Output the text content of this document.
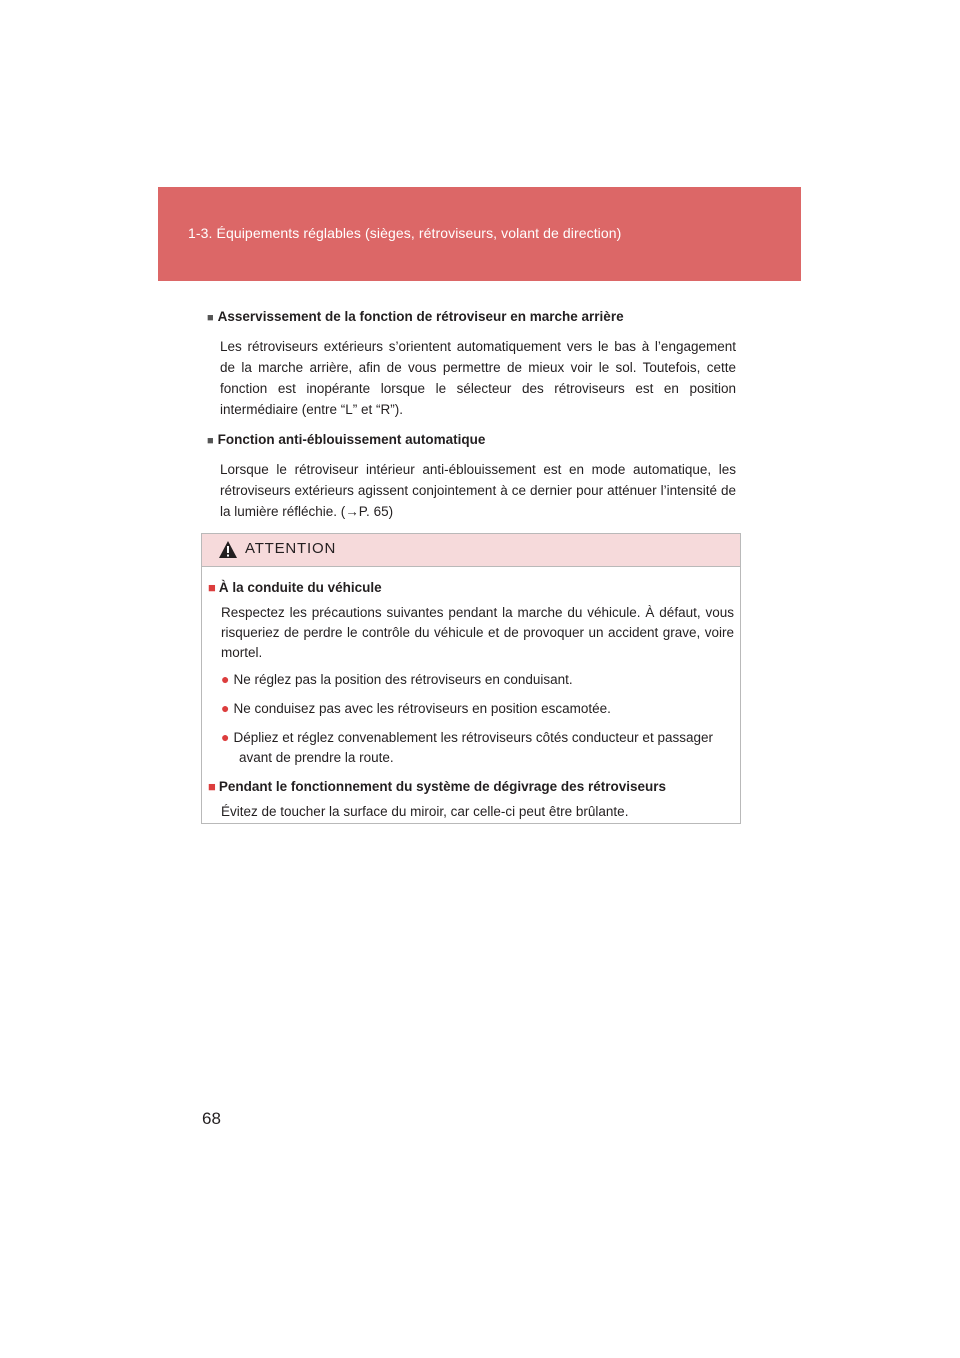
1-3. Équipements réglables (sièges, rétroviseurs, volant de direction)
■ Asservissement de la fonction de rétroviseur en marche arrière

Les rétroviseurs extérieurs s’orientent automatiquement vers le bas à l’engagement de la marche arrière, afin de vous permettre de mieux voir le sol. Toutefois, cette fonction est inopérante lorsque le sélecteur des rétroviseurs est en position intermédiaire (entre “L” et “R”).

■ Fonction anti-éblouissement automatique

Lorsque le rétroviseur intérieur anti-éblouissement est en mode automatique, les rétroviseurs extérieurs agissent conjointement à ce dernier pour atténuer l’intensité de la lumière réfléchie. (→P. 65)

ATTENTION
■ À la conduite du véhicule

Respectez les précautions suivantes pendant la marche du véhicule. À défaut, vous risqueriez de perdre le contrôle du véhicule et de provoquer un accident grave, voire mortel.

● Ne réglez pas la position des rétroviseurs en conduisant.
● Ne conduisez pas avec les rétroviseurs en position escamotée.
● Dépliez et réglez convenablement les rétroviseurs côtés conducteur et passager avant de prendre la route.
■ Pendant le fonctionnement du système de dégivrage des rétroviseurs

Évitez de toucher la surface du miroir, car celle-ci peut être brûlante.

68
